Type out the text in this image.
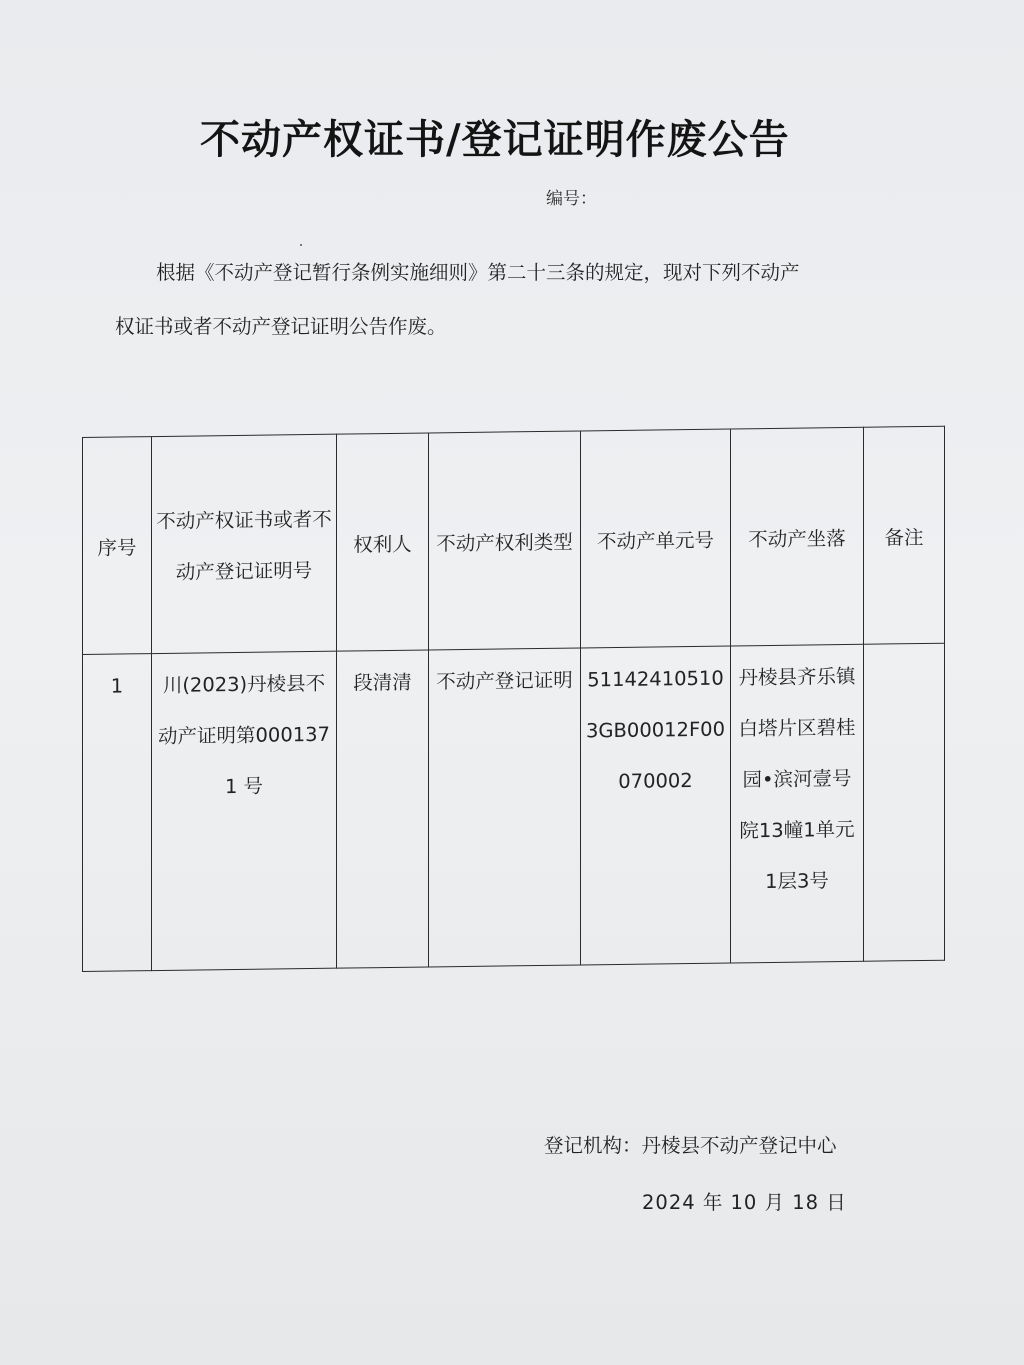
不动产权证书/登记证明作废公告
编号：
根据《不动产登记暂行条例实施细则》第二十三条的规定，现对下列不动产
权证书或者不动产登记证明公告作废。
序号	不动产权证书或者不动产登记证明号	权利人	不动产权利类型	不动产单元号	不动产坐落	备注

1	川(2023)丹棱县不动产证明第0001371 号	段清清	不动产登记证明	511424105103GB00012F00070002	丹棱县齐乐镇白塔片区碧桂园•滨河壹号院13幢1单元1层3号	

登记机构：丹棱县不动产登记中心
2024 年 10 月 18 日
